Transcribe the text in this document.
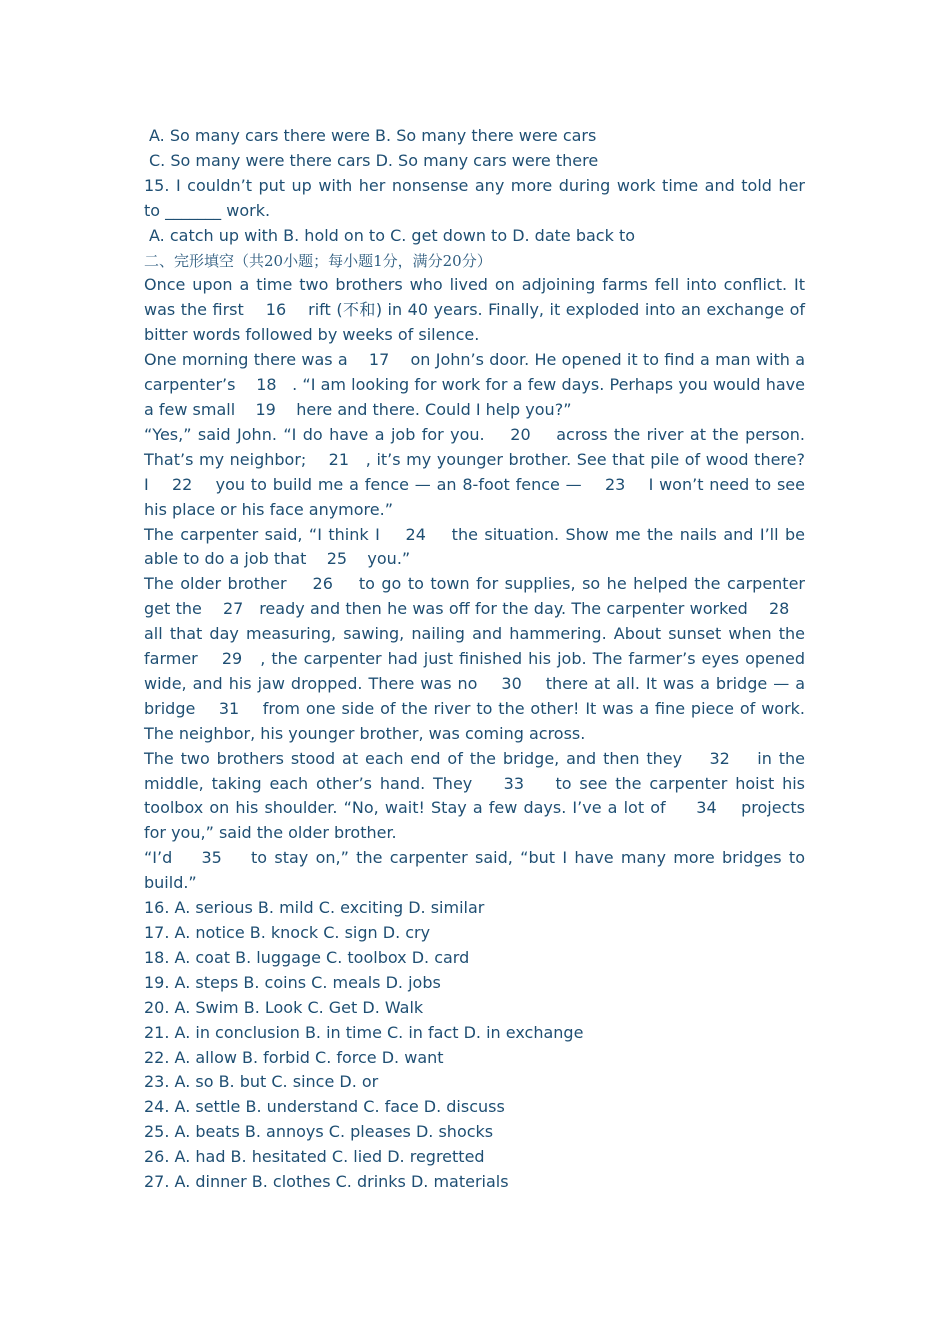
A. So many cars there were B. So many there were cars
C. So many were there cars D. So many cars were there
15. I couldn’t put up with her nonsense any more during work time and told her to _______ work.
A. catch up with B. hold on to C. get down to D. date back to
二、完形填空（共20小题；每小题1分，满分20分）
Once upon a time two brothers who lived on adjoining farms fell into conflict. It was the first    16    rift (不和) in 40 years. Finally, it exploded into an exchange of bitter words followed by weeks of silence.
One morning there was a    17    on John’s door. He opened it to find a man with a carpenter’s    18   . “I am looking for work for a few days. Perhaps you would have a few small    19    here and there. Could I help you?”
“Yes,” said John. “I do have a job for you.    20    across the river at the person. That’s my neighbor;    21   , it’s my younger brother. See that pile of wood there? I    22    you to build me a fence — an 8-foot fence —    23    I won’t need to see his place or his face anymore.”
The carpenter said, “I think I    24    the situation. Show me the nails and I’ll be able to do a job that    25    you.”
The older brother    26    to go to town for supplies, so he helped the carpenter get the    27   ready and then he was off for the day. The carpenter worked    28    all that day measuring, sawing, nailing and hammering. About sunset when the farmer    29   , the carpenter had just finished his job. The farmer’s eyes opened wide, and his jaw dropped. There was no    30    there at all. It was a bridge — a bridge    31    from one side of the river to the other! It was a fine piece of work. The neighbor, his younger brother, was coming across.
The two brothers stood at each end of the bridge, and then they    32    in the middle, taking each other’s hand. They    33    to see the carpenter hoist his toolbox on his shoulder. “No, wait! Stay a few days. I’ve a lot of     34    projects for you,” said the older brother.
“I’d    35    to stay on,” the carpenter said, “but I have many more bridges to build.”
16. A. serious B. mild C. exciting D. similar
17. A. notice B. knock C. sign D. cry
18. A. coat B. luggage C. toolbox D. card
19. A. steps B. coins C. meals D. jobs
20. A. Swim B. Look C. Get D. Walk
21. A. in conclusion B. in time C. in fact D. in exchange
22. A. allow B. forbid C. force D. want
23. A. so B. but C. since D. or
24. A. settle B. understand C. face D. discuss
25. A. beats B. annoys C. pleases D. shocks
26. A. had B. hesitated C. lied D. regretted
27. A. dinner B. clothes C. drinks D. materials
